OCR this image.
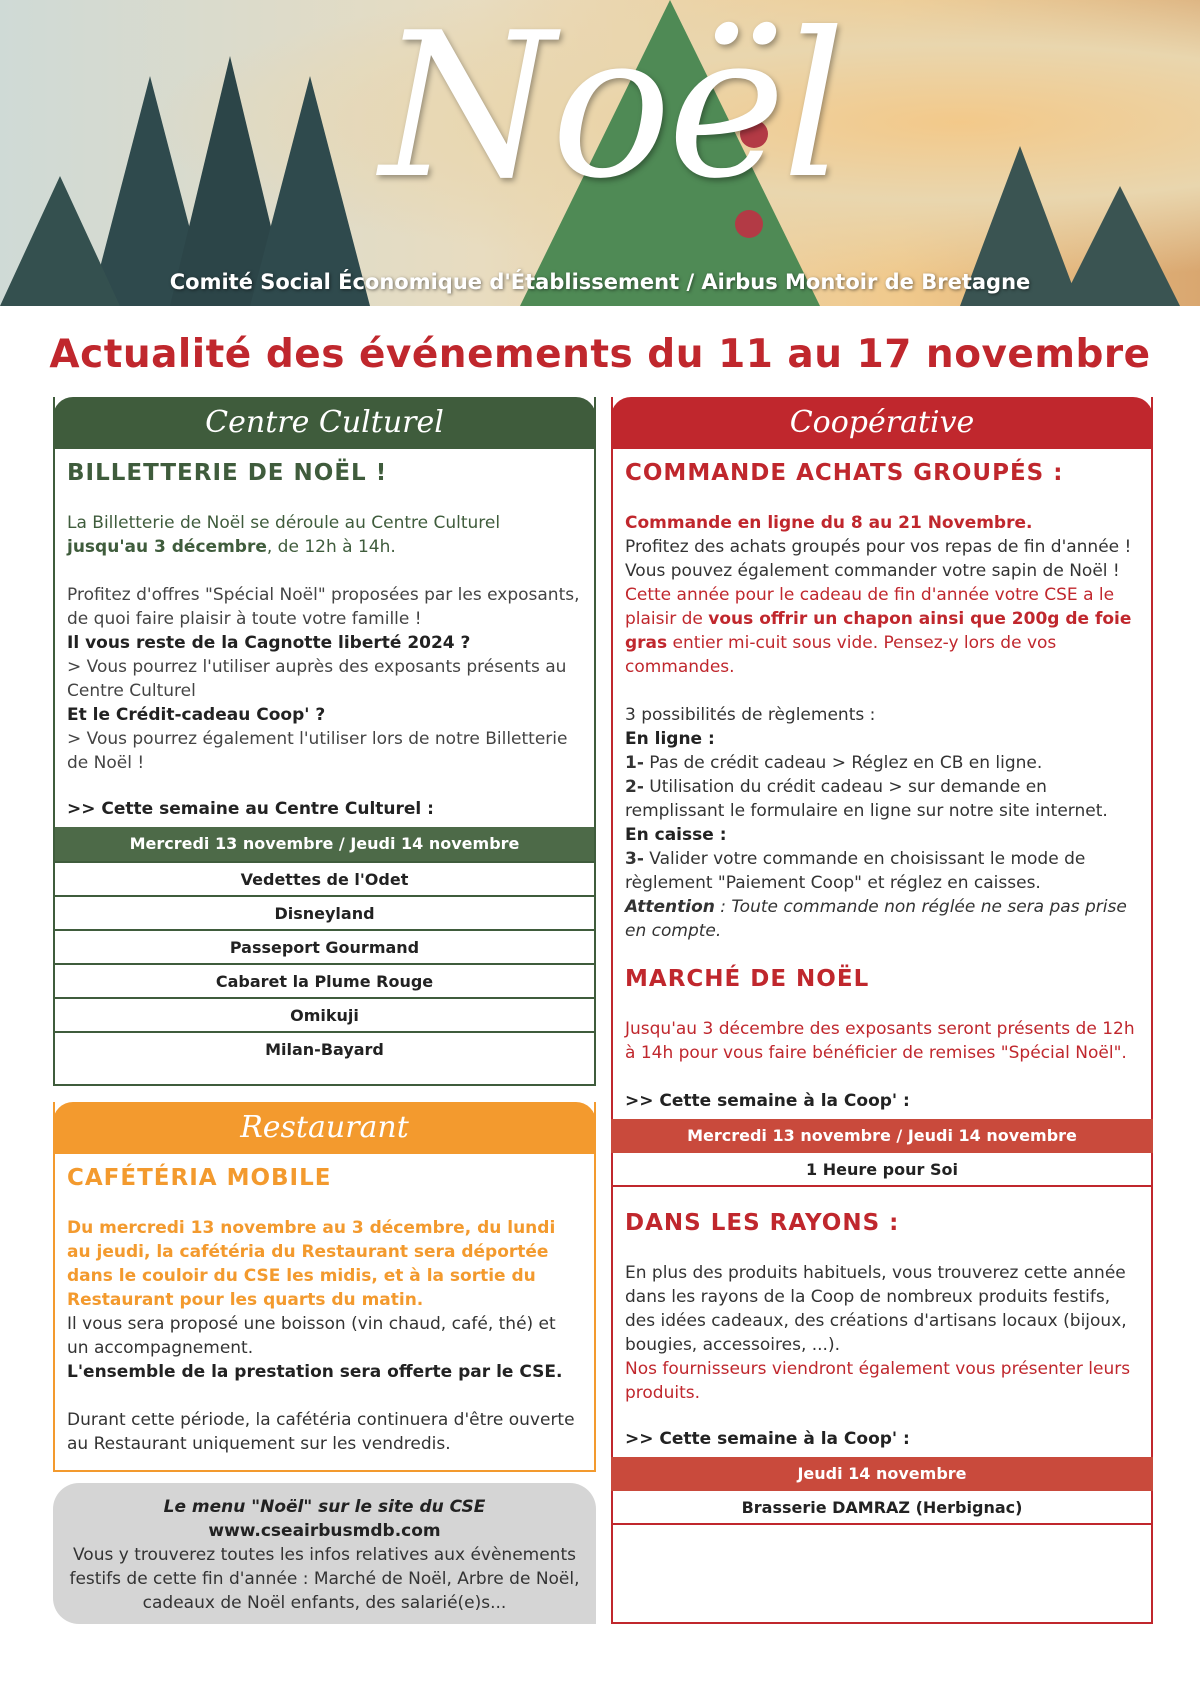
Noël
Comité Social Économique d'Établissement / Airbus Montoir de Bretagne
Actualité des événements du 11 au 17 novembre
Centre Culturel
BILLETTERIE DE NOËL !

La Billetterie de Noël se déroule au Centre Culturel
jusqu'au 3 décembre, de 12h à 14h.

Profitez d'offres "Spécial Noël" proposées par les exposants, de quoi faire plaisir à toute votre famille !

Il vous reste de la Cagnotte liberté 2024 ?

> Vous pourrez l'utiliser auprès des exposants présents au Centre Culturel

Et le Crédit-cadeau Coop' ?

> Vous pourrez également l'utiliser lors de notre Billetterie de Noël !

>> Cette semaine au Centre Culturel :

Mercredi 13 novembre / Jeudi 14 novembre
Vedettes de l'Odet
Disneyland
Passeport Gourmand
Cabaret la Plume Rouge
Omikuji
Milan-Bayard
Restaurant
CAFÉTÉRIA MOBILE

Du mercredi 13 novembre au 3 décembre, du lundi au jeudi, la cafétéria du Restaurant sera déportée dans le couloir du CSE les midis, et à la sortie du Restaurant pour les quarts du matin.

Il vous sera proposé une boisson (vin chaud, café, thé) et un accompagnement.

L'ensemble de la prestation sera offerte par le CSE.

Durant cette période, la cafétéria continuera d'être ouverte au Restaurant uniquement sur les vendredis.

Le menu "Noël" sur le site du CSE

www.cseairbusmdb.com

Vous y trouverez toutes les infos relatives aux évènements festifs de cette fin d'année : Marché de Noël, Arbre de Noël, cadeaux de Noël enfants, des salarié(e)s...

Coopérative
COMMANDE ACHATS GROUPÉS :

Commande en ligne du 8 au 21 Novembre.

Profitez des achats groupés pour vos repas de fin d'année ! Vous pouvez également commander votre sapin de Noël !

Cette année pour le cadeau de fin d'année votre CSE a le plaisir de vous offrir un chapon ainsi que 200g de foie gras entier mi-cuit sous vide. Pensez-y lors de vos commandes.

3 possibilités de règlements :

En ligne :

1- Pas de crédit cadeau > Réglez en CB en ligne.

2- Utilisation du crédit cadeau > sur demande en remplissant le formulaire en ligne sur notre site internet.

En caisse :

3- Valider votre commande en choisissant le mode de règlement "Paiement Coop" et réglez en caisses.

Attention : Toute commande non réglée ne sera pas prise en compte.

MARCHÉ DE NOËL

Jusqu'au 3 décembre des exposants seront présents de 12h à 14h pour vous faire bénéficier de remises "Spécial Noël".

>> Cette semaine à la Coop' :

Mercredi 13 novembre / Jeudi 14 novembre
1 Heure pour Soi
DANS LES RAYONS :

En plus des produits habituels, vous trouverez cette année dans les rayons de la Coop de nombreux produits festifs, des idées cadeaux, des créations d'artisans locaux (bijoux, bougies, accessoires, ...).

Nos fournisseurs viendront également vous présenter leurs produits.

>> Cette semaine à la Coop' :

Jeudi 14 novembre
Brasserie DAMRAZ (Herbignac)
